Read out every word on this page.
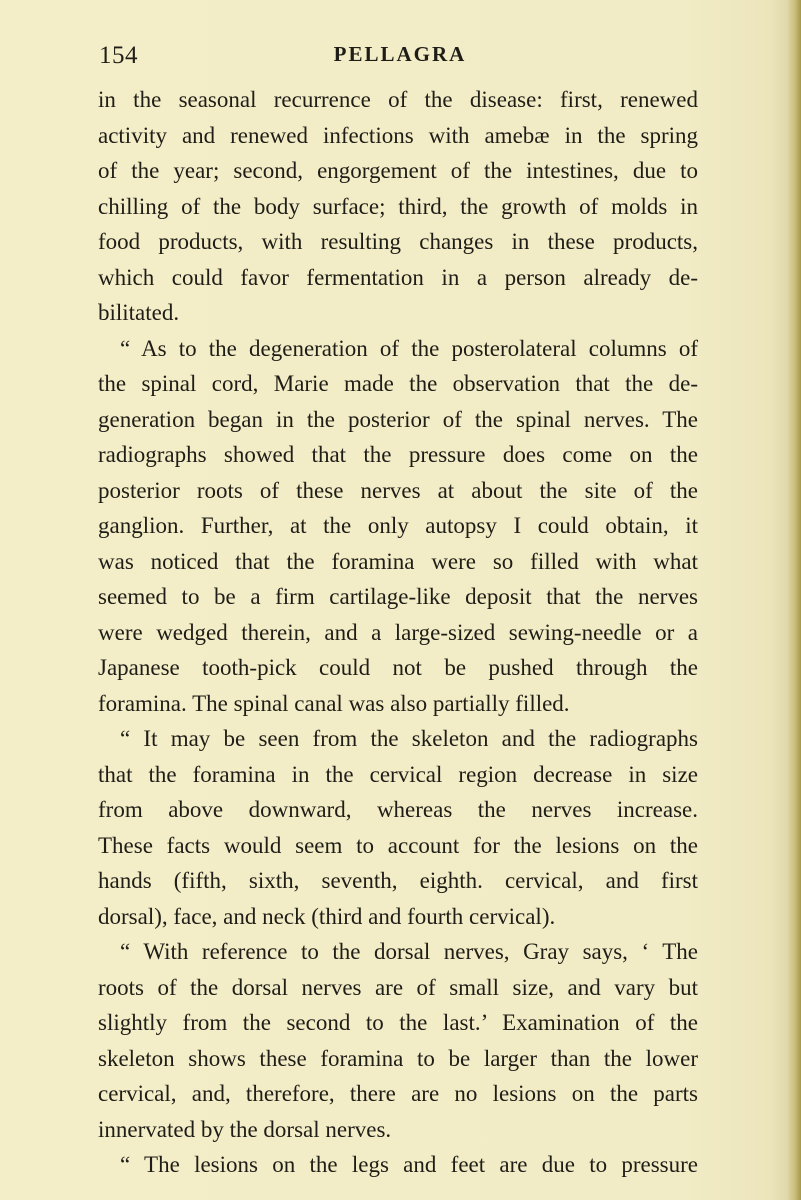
154	PELLAGRA
in the seasonal recurrence of the disease: first, renewed
activity and renewed infections with amebæ in the spring
of the year; second, engorgement of the intestines, due to
chilling of the body surface; third, the growth of molds in
food products, with resulting changes in these products,
which could favor fermentation in a person already de-
bilitated.
“ As to the degeneration of the posterolateral columns of
the spinal cord, Marie made the observation that the de-
generation began in the posterior of the spinal nerves. The
radiographs showed that the pressure does come on the
posterior roots of these nerves at about the site of the
ganglion. Further, at the only autopsy I could obtain, it
was noticed that the foramina were so filled with what
seemed to be a firm cartilage-like deposit that the nerves
were wedged therein, and a large-sized sewing-needle or a
Japanese tooth-pick could not be pushed through the
foramina. The spinal canal was also partially filled.
“ It may be seen from the skeleton and the radiographs
that the foramina in the cervical region decrease in size
from above downward, whereas the nerves increase.
These facts would seem to account for the lesions on the
hands (fifth, sixth, seventh, eighth. cervical, and first
dorsal), face, and neck (third and fourth cervical).
“ With reference to the dorsal nerves, Gray says, ‘ The
roots of the dorsal nerves are of small size, and vary but
slightly from the second to the last.’ Examination of the
skeleton shows these foramina to be larger than the lower
cervical, and, therefore, there are no lesions on the parts
innervated by the dorsal nerves.
“ The lesions on the legs and feet are due to pressure
